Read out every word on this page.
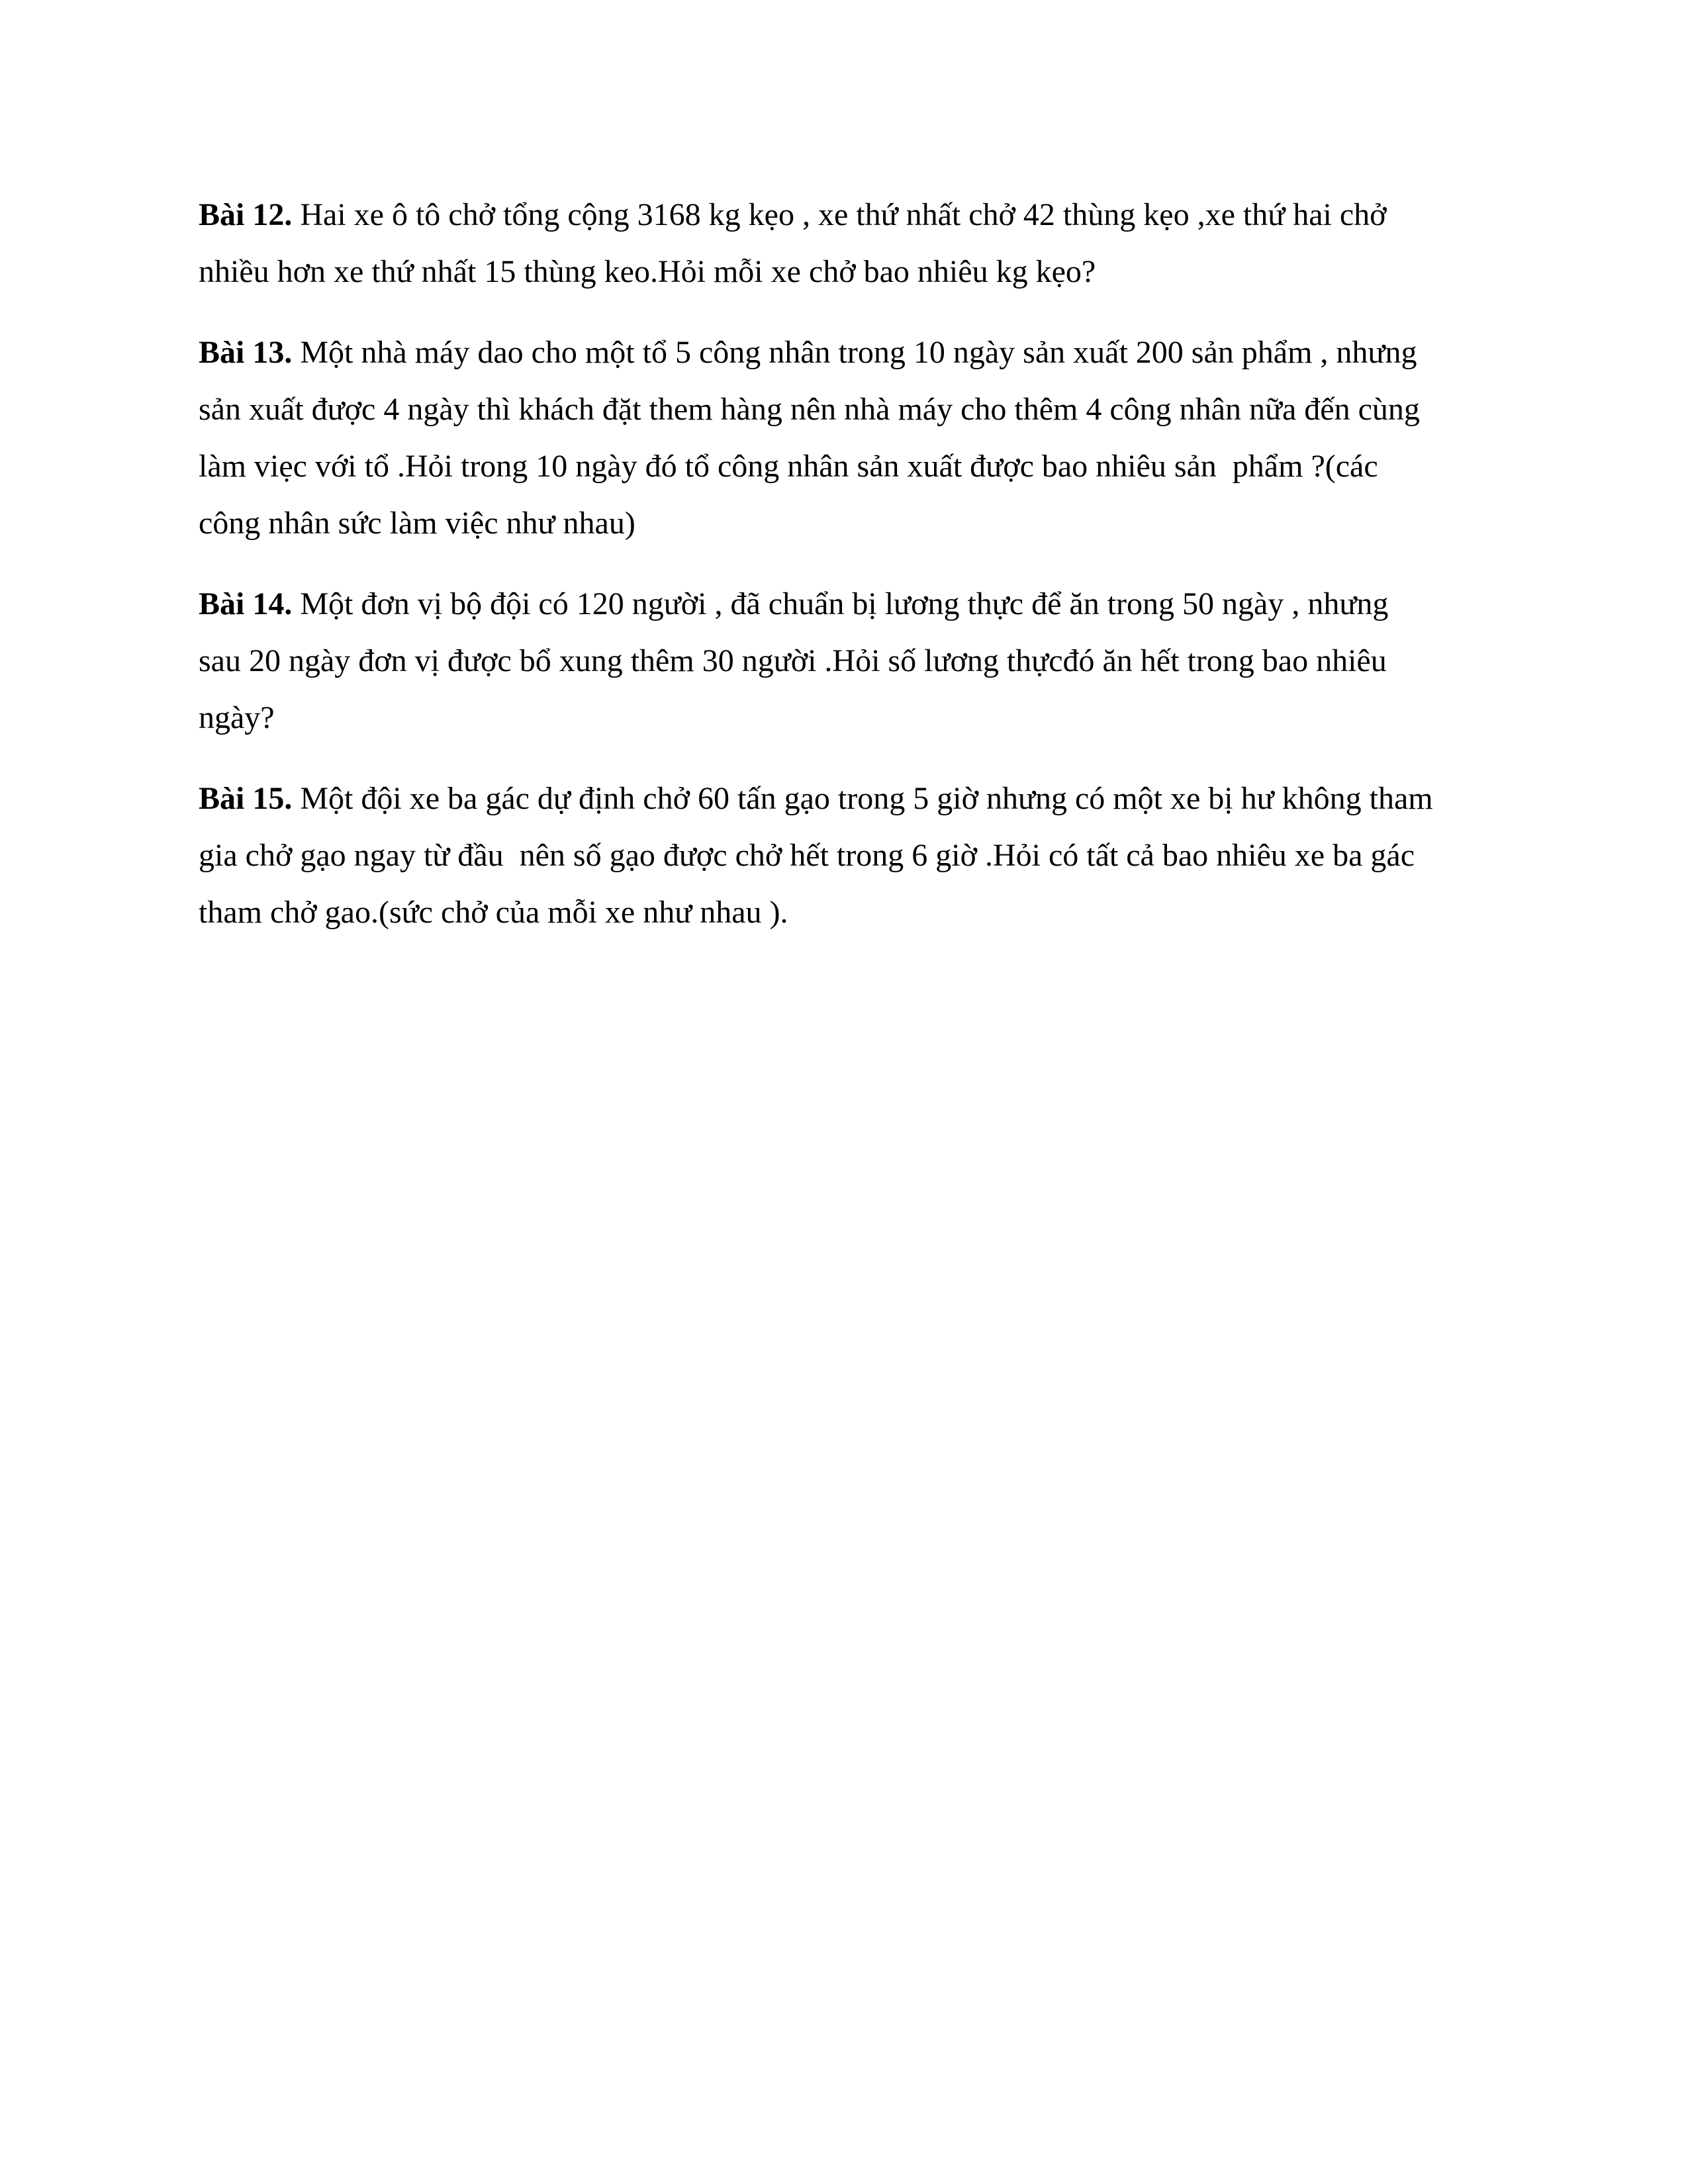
Bài 12. Hai xe ô tô chở tổng cộng 3168 kg kẹo , xe thứ nhất chở 42 thùng kẹo ,xe thứ hai chở
nhiều hơn xe thứ nhất 15 thùng keo.Hỏi mỗi xe chở bao nhiêu kg kẹo?
Bài 13. Một nhà máy dao cho một tổ 5 công nhân trong 10 ngày sản xuất 200 sản phẩm , nhưng
sản xuất được 4 ngày thì khách đặt them hàng nên nhà máy cho thêm 4 công nhân nữa đến cùng
làm viẹc với tổ .Hỏi trong 10 ngày đó tổ công nhân sản xuất được bao nhiêu sản  phẩm ?(các
công nhân sức làm việc như nhau)
Bài 14. Một đơn vị bộ đội có 120 người , đã chuẩn bị lương thực để ăn trong 50 ngày , nhưng
sau 20 ngày đơn vị được bổ xung thêm 30 người .Hỏi số lương thựcđó ăn hết trong bao nhiêu
ngày?
Bài 15. Một đội xe ba gác dự định chở 60 tấn gạo trong 5 giờ nhưng có một xe bị hư không tham
gia chở gạo ngay từ đầu  nên số gạo được chở hết trong 6 giờ .Hỏi có tất cả bao nhiêu xe ba gác
tham chở gao.(sức chở của mỗi xe như nhau ).
